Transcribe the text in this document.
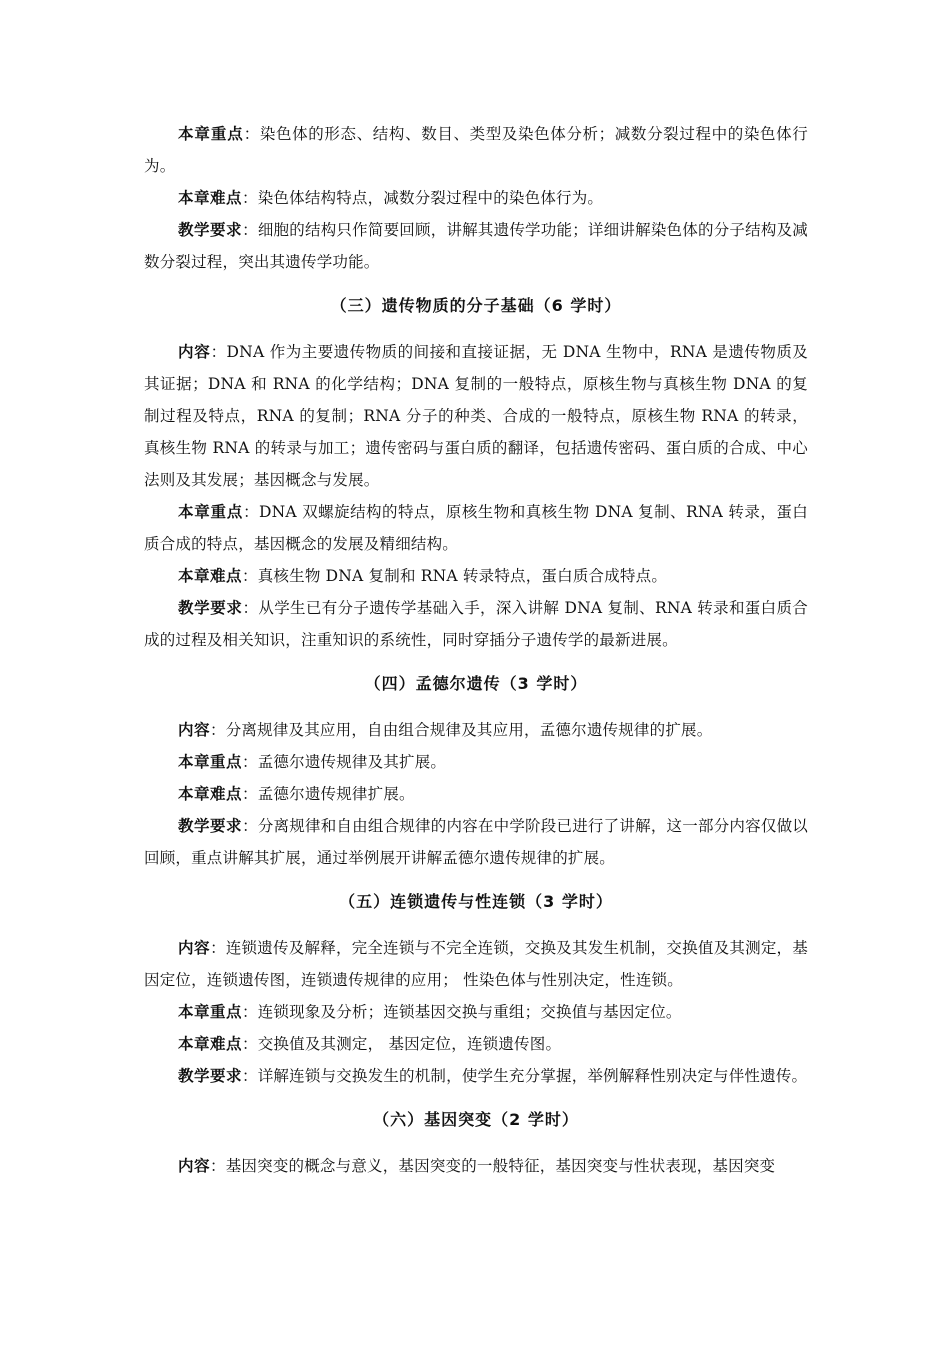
本章重点：染色体的形态、结构、数目、类型及染色体分析；减数分裂过程中的染色体行为。

本章难点：染色体结构特点，减数分裂过程中的染色体行为。

教学要求：细胞的结构只作简要回顾，讲解其遗传学功能；详细讲解染色体的分子结构及减数分裂过程，突出其遗传学功能。

（三）遗传物质的分子基础（6 学时）

内容：DNA 作为主要遗传物质的间接和直接证据，无 DNA 生物中，RNA 是遗传物质及其证据；DNA 和 RNA 的化学结构；DNA 复制的一般特点，原核生物与真核生物 DNA 的复制过程及特点，RNA 的复制；RNA 分子的种类、合成的一般特点，原核生物 RNA 的转录，真核生物 RNA 的转录与加工；遗传密码与蛋白质的翻译，包括遗传密码、蛋白质的合成、中心法则及其发展；基因概念与发展。

本章重点：DNA 双螺旋结构的特点，原核生物和真核生物 DNA 复制、RNA 转录，蛋白质合成的特点，基因概念的发展及精细结构。

本章难点：真核生物 DNA 复制和 RNA 转录特点，蛋白质合成特点。

教学要求：从学生已有分子遗传学基础入手，深入讲解 DNA 复制、RNA 转录和蛋白质合成的过程及相关知识，注重知识的系统性，同时穿插分子遗传学的最新进展。

（四）孟德尔遗传（3 学时）

内容：分离规律及其应用，自由组合规律及其应用，孟德尔遗传规律的扩展。

本章重点：孟德尔遗传规律及其扩展。

本章难点：孟德尔遗传规律扩展。

教学要求：分离规律和自由组合规律的内容在中学阶段已进行了讲解，这一部分内容仅做以回顾，重点讲解其扩展，通过举例展开讲解孟德尔遗传规律的扩展。

（五）连锁遗传与性连锁（3 学时）

内容：连锁遗传及解释，完全连锁与不完全连锁，交换及其发生机制，交换值及其测定，基因定位，连锁遗传图，连锁遗传规律的应用； 性染色体与性别决定，性连锁。

本章重点：连锁现象及分析；连锁基因交换与重组；交换值与基因定位。

本章难点：交换值及其测定， 基因定位，连锁遗传图。

教学要求：详解连锁与交换发生的机制，使学生充分掌握，举例解释性别决定与伴性遗传。

（六）基因突变（2 学时）

内容：基因突变的概念与意义，基因突变的一般特征，基因突变与性状表现，基因突变
